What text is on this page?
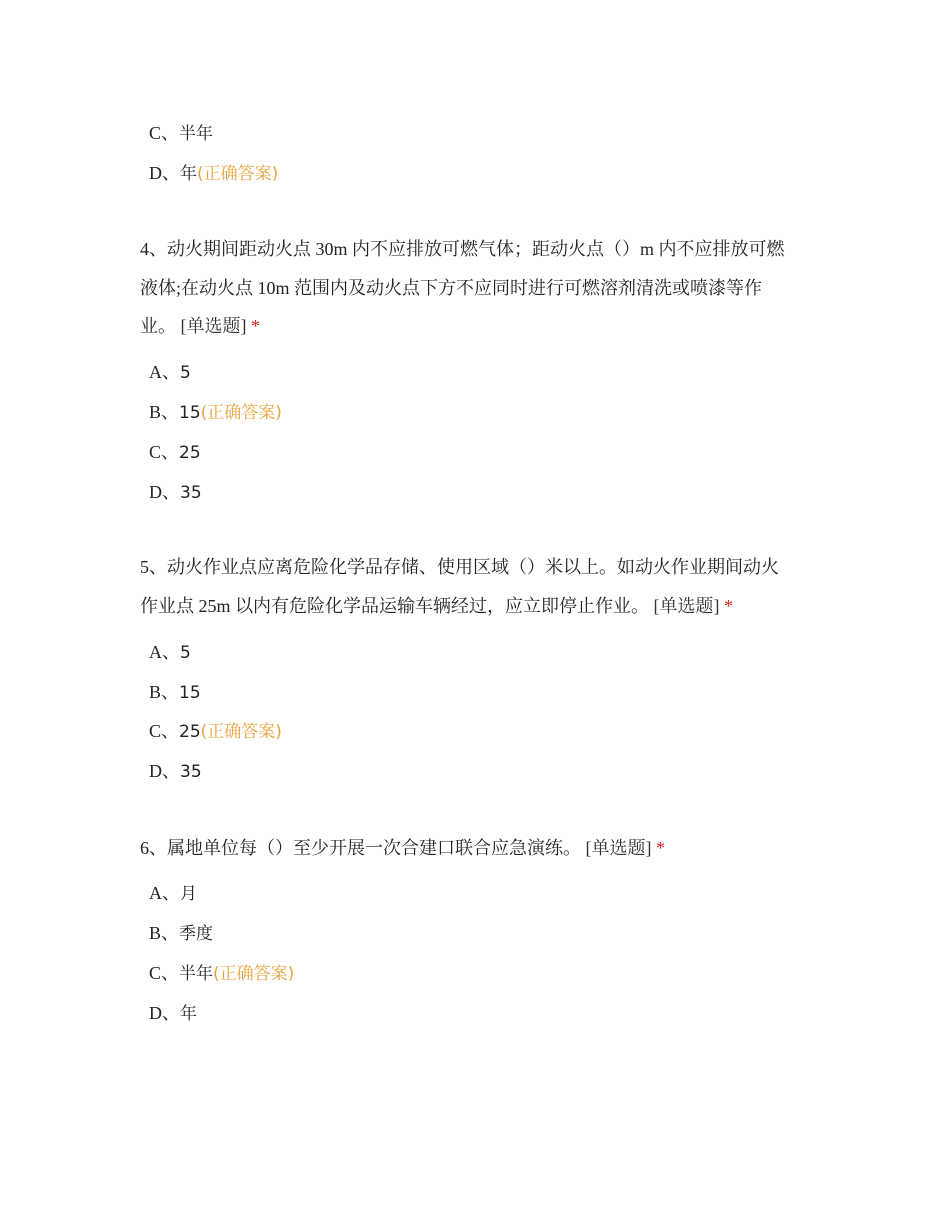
C、半年
D、年(正确答案)
4、动火期间距动火点 30m 内不应排放可燃气体；距动火点（）m 内不应排放可燃
液体;在动火点 10m 范围内及动火点下方不应同时进行可燃溶剂清洗或喷漆等作
业。 [单选题] *
A、5
B、15(正确答案)
C、25
D、35
5、动火作业点应离危险化学品存储、使用区域（）米以上。如动火作业期间动火
作业点 25m 以内有危险化学品运输车辆经过，应立即停止作业。 [单选题] *
A、5
B、15
C、25(正确答案)
D、35
6、属地单位每（）至少开展一次合建口联合应急演练。 [单选题] *
A、月
B、季度
C、半年(正确答案)
D、年
